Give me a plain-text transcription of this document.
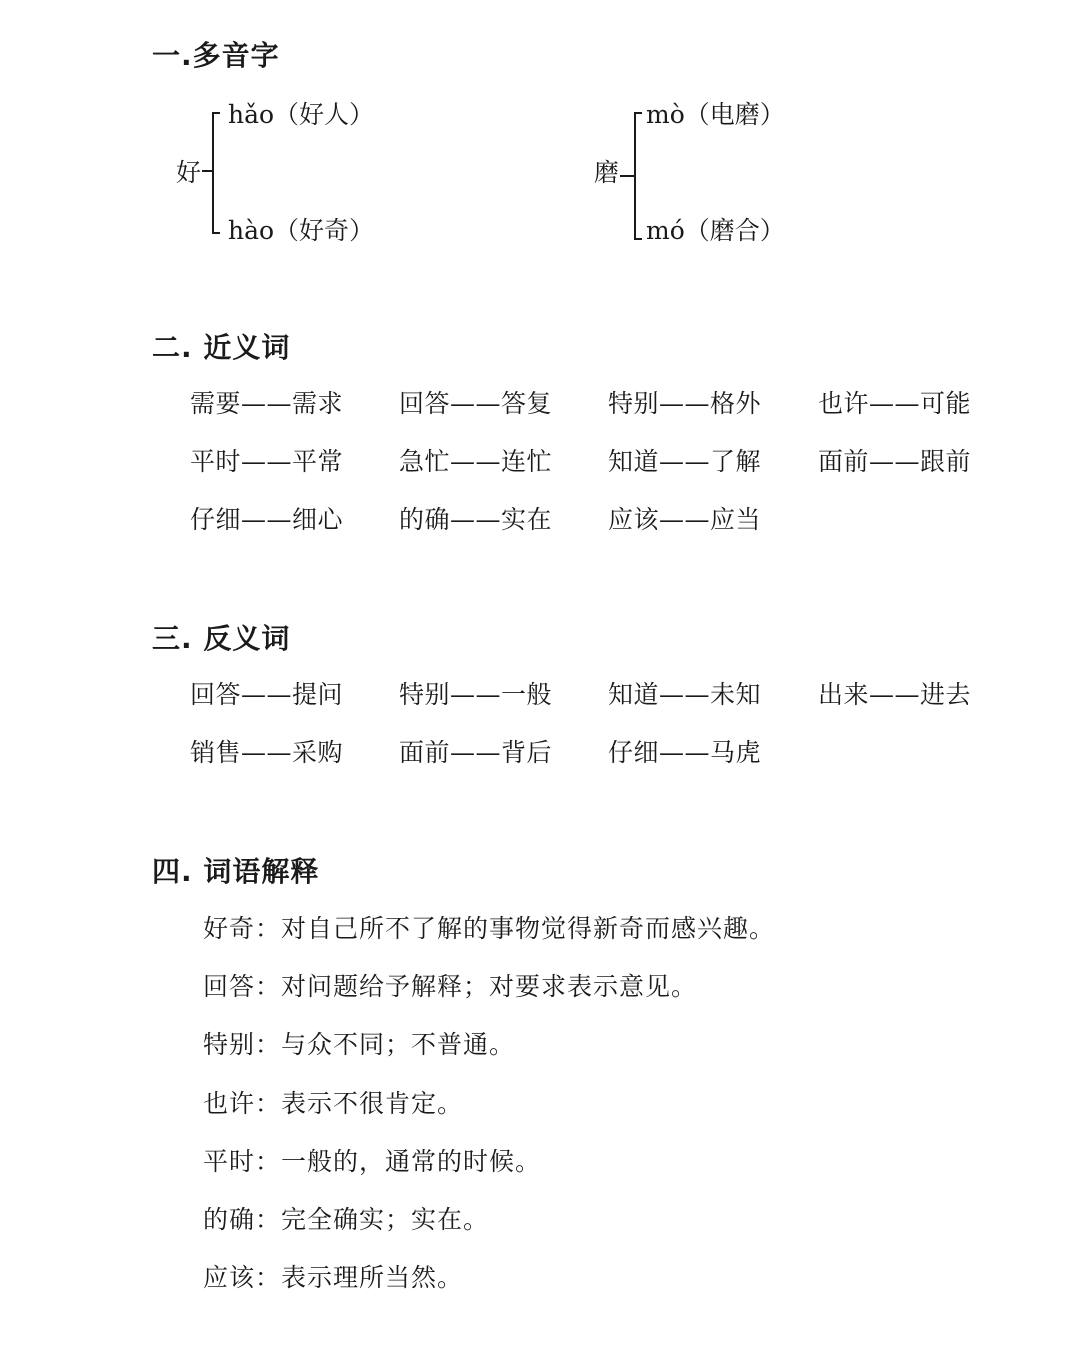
一.多音字
好
hǎo（好人）
hào（好奇）
磨
mò（电磨）
mó（磨合）
二. 近义词
需要——需求 回答——答复 特别——格外 也许——可能
平时——平常 急忙——连忙 知道——了解 面前——跟前
仔细——细心 的确——实在 应该——应当
三. 反义词
回答——提问 特别——一般 知道——未知 出来——进去
销售——采购 面前——背后 仔细——马虎
四. 词语解释
好奇：对自己所不了解的事物觉得新奇而感兴趣。
回答：对问题给予解释；对要求表示意见。
特别：与众不同；不普通。
也许：表示不很肯定。
平时：一般的，通常的时候。
的确：完全确实；实在。
应该：表示理所当然。
